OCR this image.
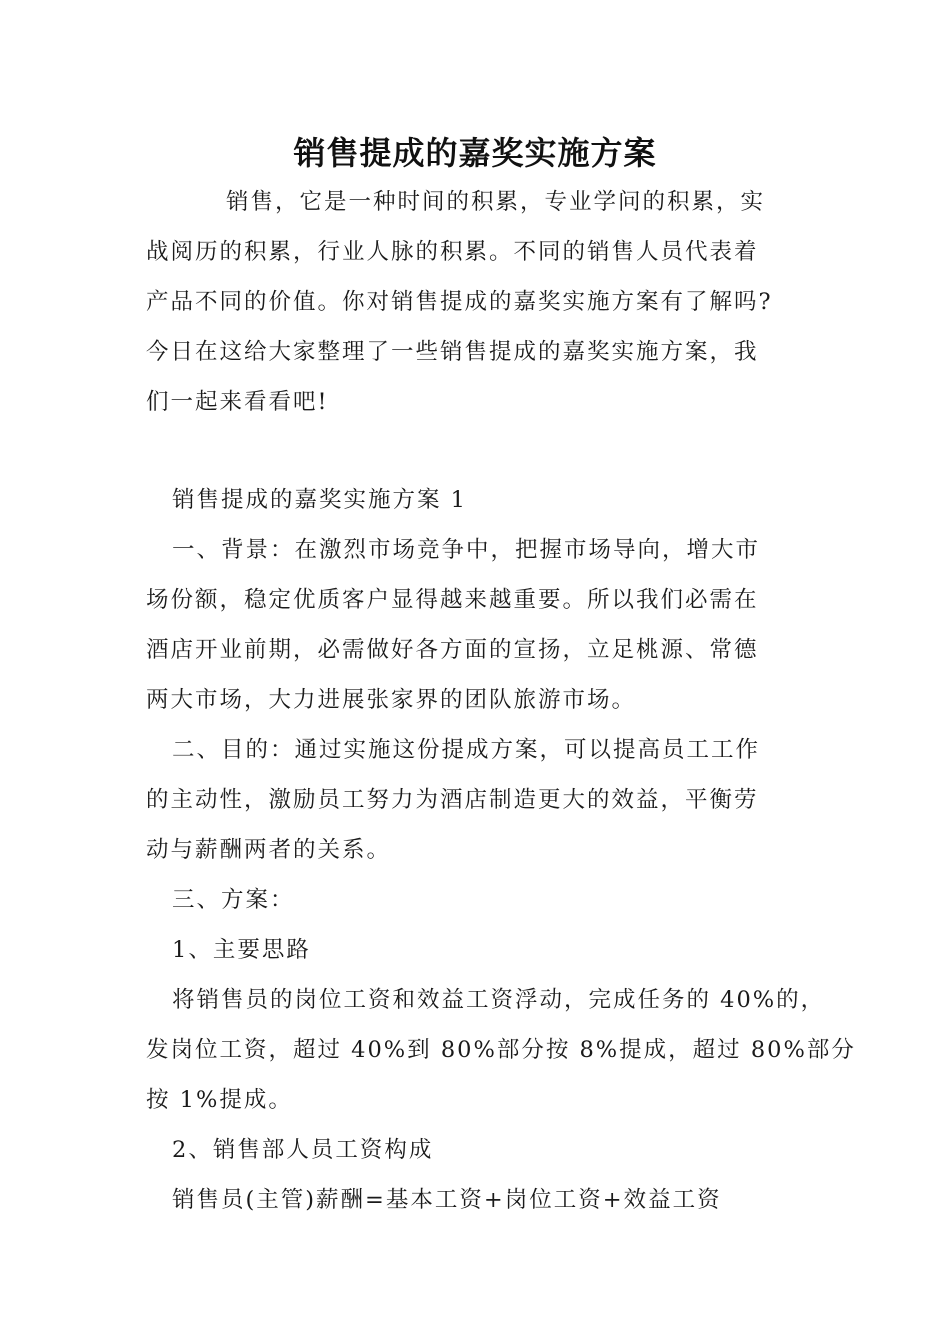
销售提成的嘉奖实施方案
销售，它是一种时间的积累，专业学问的积累，实
战阅历的积累，行业人脉的积累。不同的销售人员代表着
产品不同的价值。你对销售提成的嘉奖实施方案有了解吗?
今日在这给大家整理了一些销售提成的嘉奖实施方案，我
们一起来看看吧!
销售提成的嘉奖实施方案 1
一、背景：在激烈市场竞争中，把握市场导向，增大市
场份额，稳定优质客户显得越来越重要。所以我们必需在
酒店开业前期，必需做好各方面的宣扬，立足桃源、常德
两大市场，大力进展张家界的团队旅游市场。
二、目的：通过实施这份提成方案，可以提高员工工作
的主动性，激励员工努力为酒店制造更大的效益，平衡劳
动与薪酬两者的关系。
三、方案：
1、主要思路
将销售员的岗位工资和效益工资浮动，完成任务的 40%的，
发岗位工资，超过 40%到 80%部分按 8%提成，超过 80%部分
按 1%提成。
2、销售部人员工资构成
销售员(主管)薪酬=基本工资+岗位工资+效益工资
